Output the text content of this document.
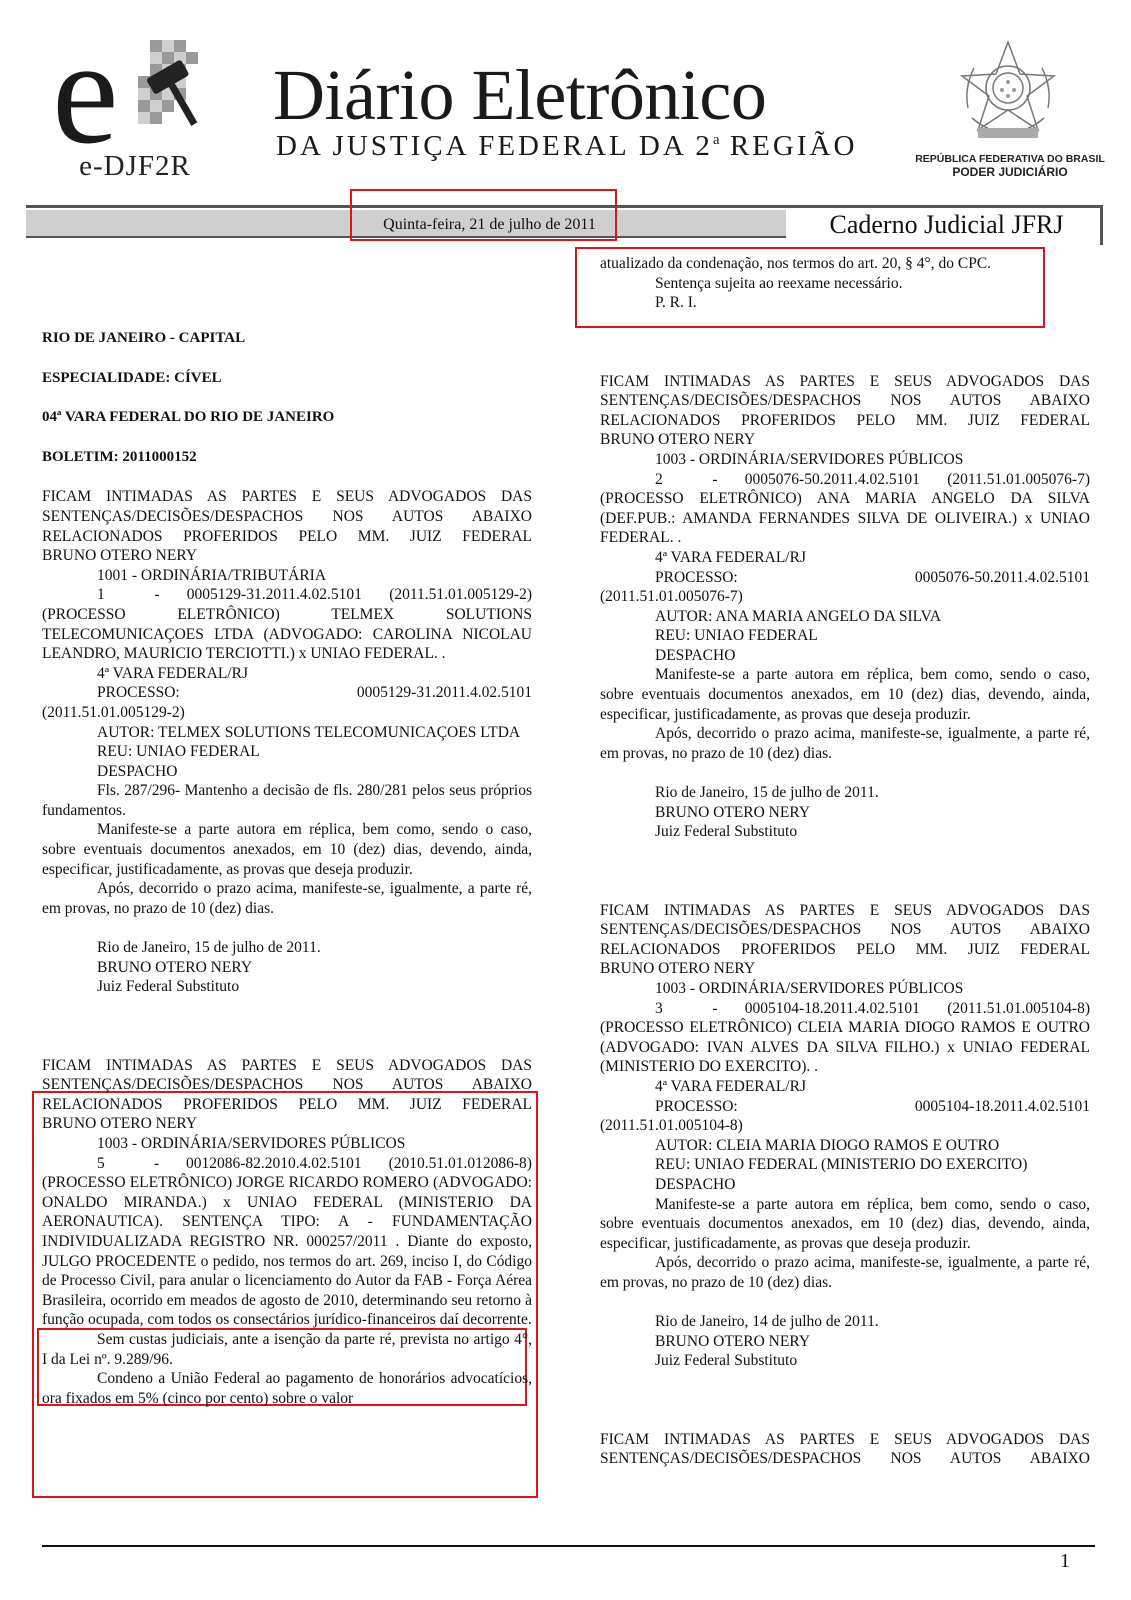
e
e-DJF2R
Diário Eletrônico
DA JUSTIÇA FEDERAL DA 2$^a$ REGIÃO	REPÚBLICA FEDERATIVA DO BRASIL
PODER JUDICIÁRIO
Quinta-feira, 21 de julho de 2011	Caderno Judicial JFRJ
RIO DE JANEIRO - CAPITAL
ESPECIALIDADE: CÍVEL
04ª VARA FEDERAL DO RIO DE JANEIRO
BOLETIM: 2011000152
FICAM INTIMADAS AS PARTES E SEUS ADVOGADOS DAS
SENTENÇAS/DECISÕES/DESPACHOS NOS AUTOS ABAIXO
RELACIONADOS PROFERIDOS PELO MM. JUIZ FEDERAL
BRUNO OTERO NERY
1001 - ORDINÁRIA/TRIBUTÁRIA
1	- 0005129-31.2011.4.02.5101 (2011.51.01.005129-2)
(PROCESSO ELETRÔNICO) TELMEX SOLUTIONS TELECOMUNICAÇOES LTDA (ADVOGADO: CAROLINA NICOLAU LEANDRO, MAURICIO TERCIOTTI.) x UNIAO FEDERAL. .
4ª VARA FEDERAL/RJ
PROCESSO:	0005129-31.2011.4.02.5101
(2011.51.01.005129-2)
AUTOR: TELMEX SOLUTIONS TELECOMUNICAÇOES LTDA
REU: UNIAO FEDERAL
DESPACHO
Fls. 287/296- Mantenho a decisão de fls. 280/281 pelos seus próprios fundamentos.
Manifeste-se a parte autora em réplica, bem como, sendo o caso, sobre eventuais documentos anexados, em 10 (dez) dias, devendo, ainda, especificar, justificadamente, as provas que deseja produzir.
Após, decorrido o prazo acima, manifeste-se, igualmente, a parte ré, em provas, no prazo de 10 (dez) dias.
Rio de Janeiro, 15 de julho de 2011.
BRUNO OTERO NERY
Juiz Federal Substituto
FICAM INTIMADAS AS PARTES E SEUS ADVOGADOS DAS
SENTENÇAS/DECISÕES/DESPACHOS NOS AUTOS ABAIXO
RELACIONADOS PROFERIDOS PELO MM. JUIZ FEDERAL
BRUNO OTERO NERY
1003 - ORDINÁRIA/SERVIDORES PÚBLICOS
5	- 0012086-82.2010.4.02.5101 (2010.51.01.012086-8)
(PROCESSO ELETRÔNICO) JORGE RICARDO ROMERO (ADVOGADO: ONALDO MIRANDA.) x UNIAO FEDERAL (MINISTERIO DA AERONAUTICA). SENTENÇA TIPO: A - FUNDAMENTAÇÃO INDIVIDUALIZADA REGISTRO NR. 000257/2011 . Diante do exposto, JULGO PROCEDENTE o pedido, nos termos do art. 269, inciso I, do Código de Processo Civil, para anular o licenciamento do Autor da FAB - Força Aérea Brasileira, ocorrido em meados de agosto de 2010, determinando seu retorno à função ocupada, com todos os consectários jurídico-financeiros daí decorrente.
Sem custas judiciais, ante a isenção da parte ré, prevista no artigo 4°, I da Lei nº. 9.289/96.
Condeno a União Federal ao pagamento de honorários advocatícios, ora fixados em 5% (cinco por cento) sobre o valor
atualizado da condenação, nos termos do art. 20, § 4°, do CPC.
Sentença sujeita ao reexame necessário.
P. R. I.
FICAM INTIMADAS AS PARTES E SEUS ADVOGADOS DAS
SENTENÇAS/DECISÕES/DESPACHOS NOS AUTOS ABAIXO
RELACIONADOS PROFERIDOS PELO MM. JUIZ FEDERAL
BRUNO OTERO NERY
1003 - ORDINÁRIA/SERVIDORES PÚBLICOS
2	- 0005076-50.2011.4.02.5101 (2011.51.01.005076-7)
(PROCESSO ELETRÔNICO) ANA MARIA ANGELO DA SILVA (DEF.PUB.: AMANDA FERNANDES SILVA DE OLIVEIRA.) x UNIAO FEDERAL. .
4ª VARA FEDERAL/RJ
PROCESSO:	0005076-50.2011.4.02.5101
(2011.51.01.005076-7)
AUTOR: ANA MARIA ANGELO DA SILVA
REU: UNIAO FEDERAL
DESPACHO
Manifeste-se a parte autora em réplica, bem como, sendo o caso, sobre eventuais documentos anexados, em 10 (dez) dias, devendo, ainda, especificar, justificadamente, as provas que deseja produzir.
Após, decorrido o prazo acima, manifeste-se, igualmente, a parte ré, em provas, no prazo de 10 (dez) dias.
Rio de Janeiro, 15 de julho de 2011.
BRUNO OTERO NERY
Juiz Federal Substituto
FICAM INTIMADAS AS PARTES E SEUS ADVOGADOS DAS
SENTENÇAS/DECISÕES/DESPACHOS NOS AUTOS ABAIXO
RELACIONADOS PROFERIDOS PELO MM. JUIZ FEDERAL
BRUNO OTERO NERY
1003 - ORDINÁRIA/SERVIDORES PÚBLICOS
3	- 0005104-18.2011.4.02.5101 (2011.51.01.005104-8)
(PROCESSO ELETRÔNICO) CLEIA MARIA DIOGO RAMOS E OUTRO (ADVOGADO: IVAN ALVES DA SILVA FILHO.) x UNIAO FEDERAL (MINISTERIO DO EXERCITO). .
4ª VARA FEDERAL/RJ
PROCESSO:	0005104-18.2011.4.02.5101
(2011.51.01.005104-8)
AUTOR: CLEIA MARIA DIOGO RAMOS E OUTRO
REU: UNIAO FEDERAL (MINISTERIO DO EXERCITO)
DESPACHO
Manifeste-se a parte autora em réplica, bem como, sendo o caso, sobre eventuais documentos anexados, em 10 (dez) dias, devendo, ainda, especificar, justificadamente, as provas que deseja produzir.
Após, decorrido o prazo acima, manifeste-se, igualmente, a parte ré, em provas, no prazo de 10 (dez) dias.
Rio de Janeiro, 14 de julho de 2011.
BRUNO OTERO NERY
Juiz Federal Substituto
FICAM INTIMADAS AS PARTES E SEUS ADVOGADOS DAS
SENTENÇAS/DECISÕES/DESPACHOS NOS AUTOS ABAIXO
1
